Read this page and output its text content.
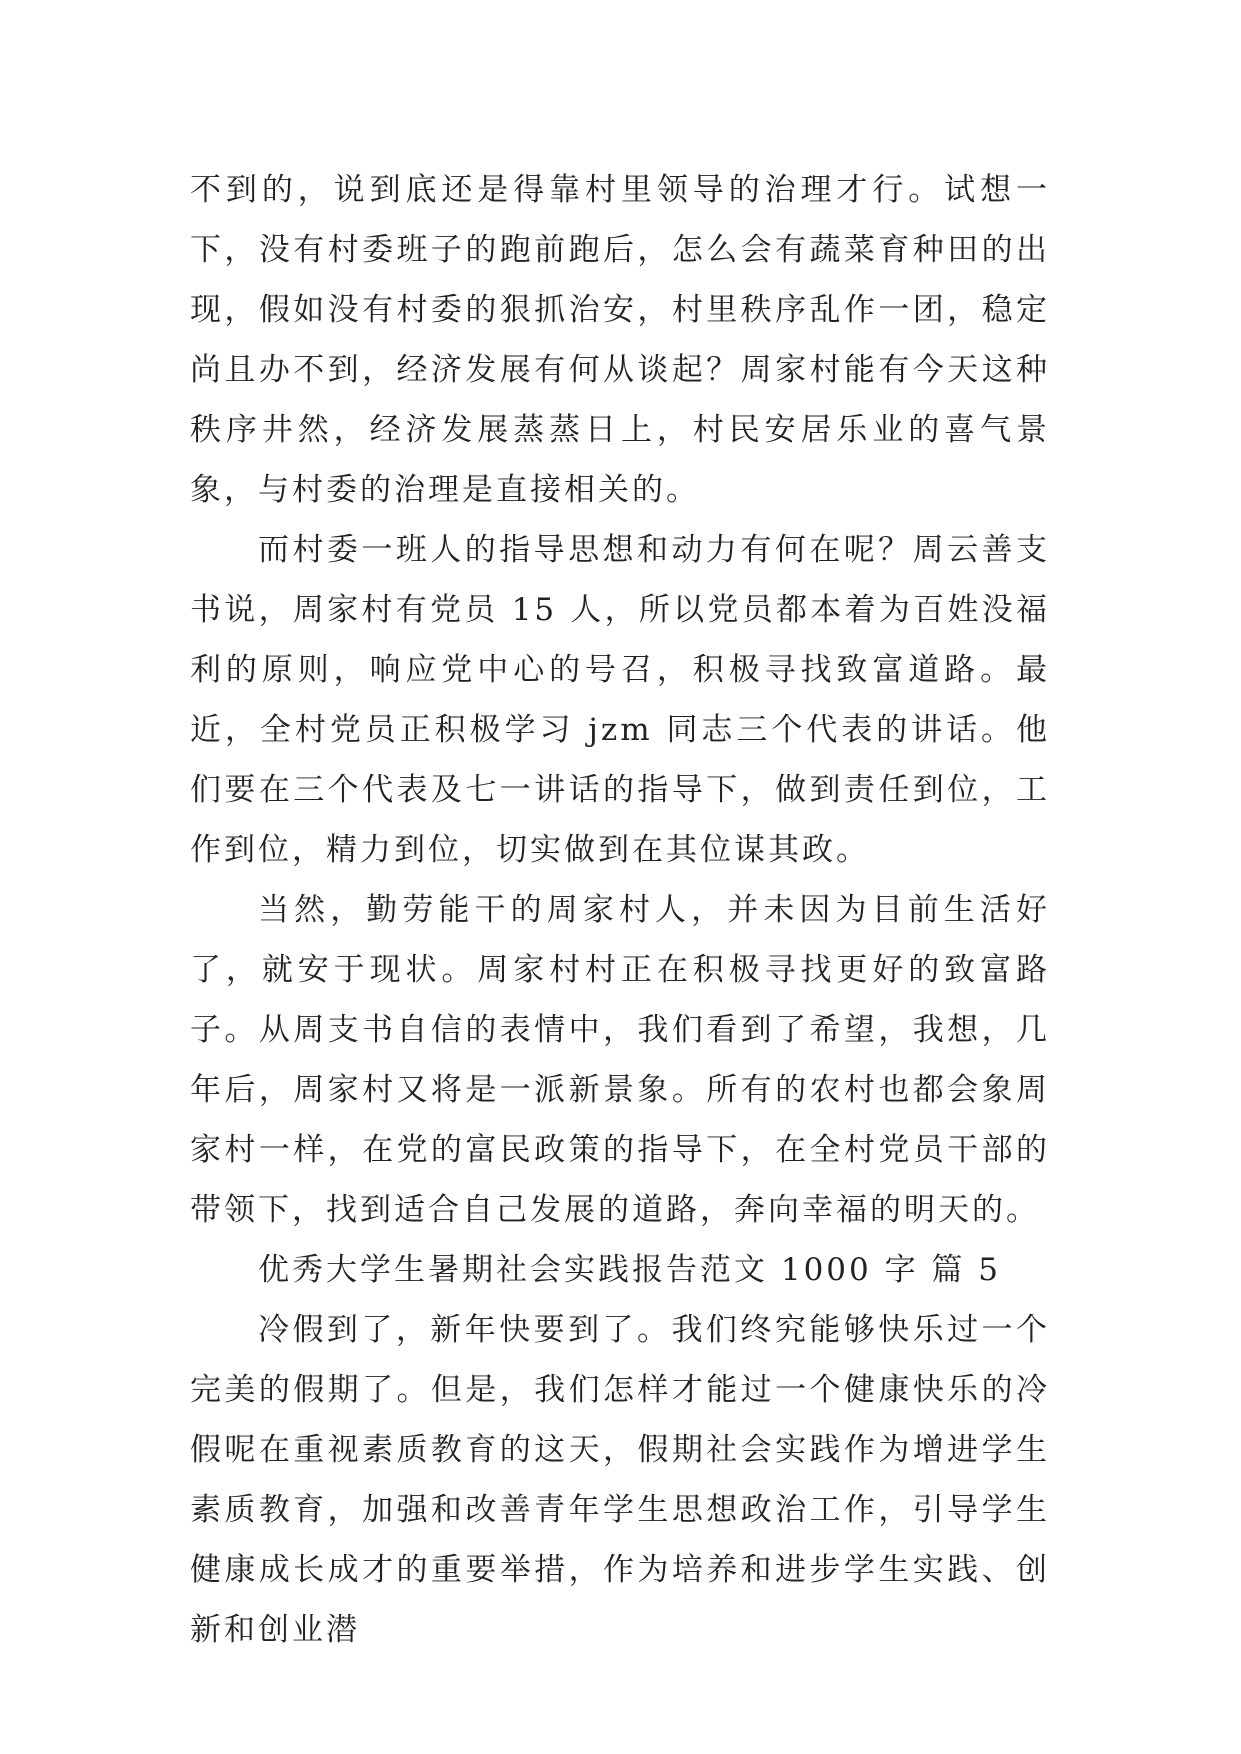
不到的，说到底还是得靠村里领导的治理才行。试想一下，没有村委班子的跑前跑后，怎么会有蔬菜育种田的出现，假如没有村委的狠抓治安，村里秩序乱作一团，稳定尚且办不到，经济发展有何从谈起？周家村能有今天这种秩序井然，经济发展蒸蒸日上，村民安居乐业的喜气景象，与村委的治理是直接相关的。

而村委一班人的指导思想和动力有何在呢？周云善支书说，周家村有党员 15 人，所以党员都本着为百姓没福利的原则，响应党中心的号召，积极寻找致富道路。最近，全村党员正积极学习 jzm 同志三个代表的讲话。他们要在三个代表及七一讲话的指导下，做到责任到位，工作到位，精力到位，切实做到在其位谋其政。

当然，勤劳能干的周家村人，并未因为目前生活好了，就安于现状。周家村村正在积极寻找更好的致富路子。从周支书自信的表情中，我们看到了希望，我想，几年后，周家村又将是一派新景象。所有的农村也都会象周家村一样，在党的富民政策的指导下，在全村党员干部的带领下，找到适合自己发展的道路，奔向幸福的明天的。

优秀大学生暑期社会实践报告范文 1000 字 篇 5

冷假到了，新年快要到了。我们终究能够快乐过一个完美的假期了。但是，我们怎样才能过一个健康快乐的冷假呢在重视素质教育的这天，假期社会实践作为增进学生素质教育，加强和改善青年学生思想政治工作，引导学生健康成长成才的重要举措，作为培养和进步学生实践、创新和创业潜
